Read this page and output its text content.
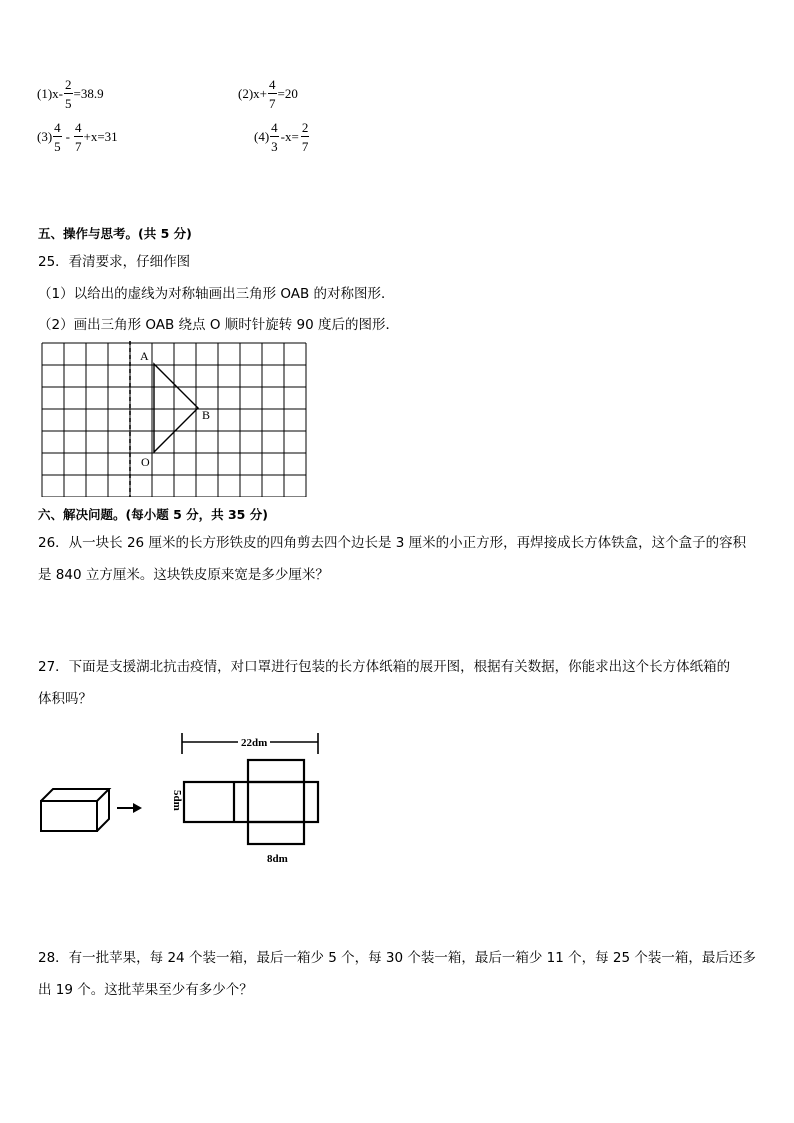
$(1)x- \frac{2}{5} =38.9$	$(2)x+ \frac{4}{7} =20$
$(3) \frac{4}{5} - \frac{4}{7} +x=31$	$(4) \frac{4}{3} -x= \frac{2}{7}$
五、操作与思考。(共 5 分)
25．看清要求，仔细作图
（1）以给出的虚线为对称轴画出三角形 OAB 的对称图形．
（2）画出三角形 OAB 绕点 O 顺时针旋转 90 度后的图形．
A
B
O
六、解决问题。(每小题 5 分，共 35 分)
26．从一块长 26 厘米的长方形铁皮的四角剪去四个边长是 3 厘米的小正方形，再焊接成长方体铁盒，这个盒子的容积
是 840 立方厘米。这块铁皮原来宽是多少厘米？
27．下面是支援湖北抗击疫情，对口罩进行包装的长方体纸箱的展开图，根据有关数据，你能求出这个长方体纸箱的
体积吗？
22dm
5dm
8dm
28．有一批苹果，每 24 个装一箱，最后一箱少 5 个，每 30 个装一箱，最后一箱少 11 个，每 25 个装一箱，最后还多
出 19 个。这批苹果至少有多少个？
